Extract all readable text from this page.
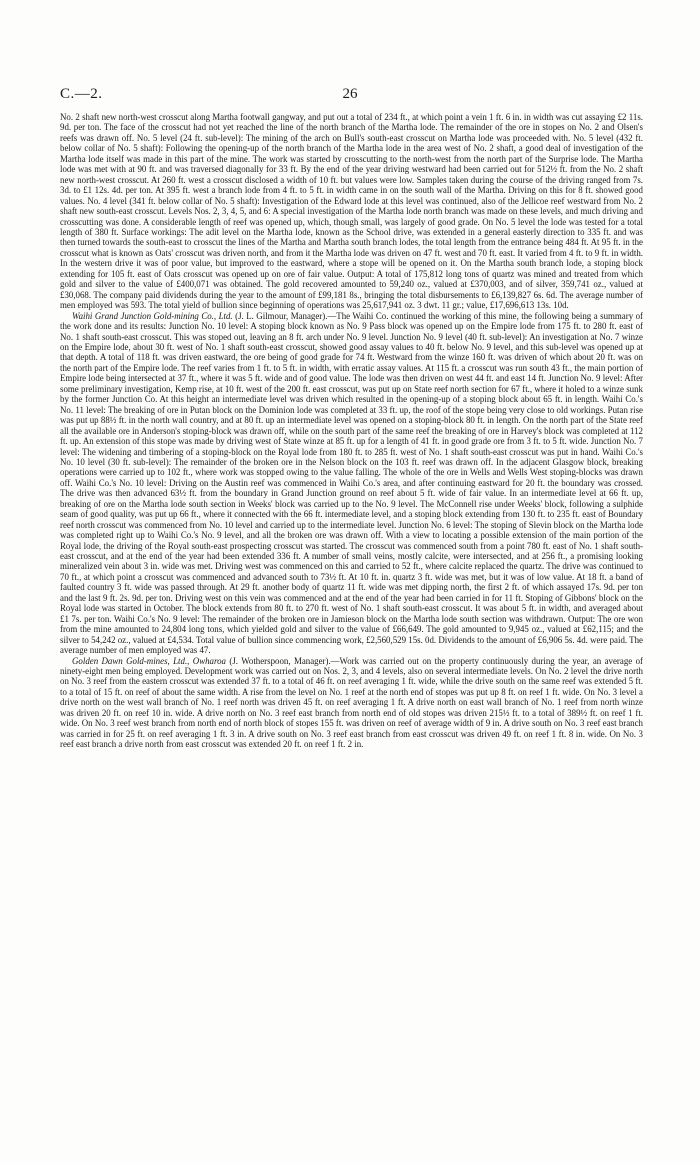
C.—2.	26

No. 2 shaft new north-west crosscut along Martha footwall gangway, and put out a total of 234 ft., at which point a vein 1 ft. 6 in. in width was cut assaying £2 11s. 9d. per ton. The face of the crosscut had not yet reached the line of the north branch of the Martha lode. The remainder of the ore in stopes on No. 2 and Olsen's reefs was drawn off. No. 5 level (24 ft. sub-level): The mining of the arch on Bull's south-east crosscut on Martha lode was proceeded with. No. 5 level (432 ft. below collar of No. 5 shaft): Following the opening-up of the north branch of the Martha lode in the area west of No. 2 shaft, a good deal of investigation of the Martha lode itself was made in this part of the mine. The work was started by crosscutting to the north-west from the north part of the Surprise lode. The Martha lode was met with at 90 ft. and was traversed diagonally for 33 ft. By the end of the year driving westward had been carried out for 512½ ft. from the No. 2 shaft new north-west crosscut. At 260 ft. west a crosscut disclosed a width of 10 ft. but values were low. Samples taken during the course of the driving ranged from 7s. 3d. to £1 12s. 4d. per ton. At 395 ft. west a branch lode from 4 ft. to 5 ft. in width came in on the south wall of the Martha. Driving on this for 8 ft. showed good values. No. 4 level (341 ft. below collar of No. 5 shaft): Investigation of the Edward lode at this level was continued, also of the Jellicoe reef westward from No. 2 shaft new south-east crosscut. Levels Nos. 2, 3, 4, 5, and 6: A special investigation of the Martha lode north branch was made on these levels, and much driving and crosscutting was done. A considerable length of reef was opened up, which, though small, was largely of good grade. On No. 5 level the lode was tested for a total length of 380 ft. Surface workings: The adit level on the Martha lode, known as the School drive, was extended in a general easterly direction to 335 ft. and was then turned towards the south-east to crosscut the lines of the Martha and Martha south branch lodes, the total length from the entrance being 484 ft. At 95 ft. in the crosscut what is known as Oats' crosscut was driven north, and from it the Martha lode was driven on 47 ft. west and 70 ft. east. It varied from 4 ft. to 9 ft. in width. In the western drive it was of poor value, but improved to the eastward, where a stope will be opened on it. On the Martha south branch lode, a stoping block extending for 105 ft. east of Oats crosscut was opened up on ore of fair value. Output: A total of 175,812 long tons of quartz was mined and treated from which gold and silver to the value of £400,071 was obtained. The gold recovered amounted to 59,240 oz., valued at £370,003, and of silver, 359,741 oz., valued at £30,068. The company paid dividends during the year to the amount of £99,181 8s., bringing the total disbursements to £6,139,827 6s. 6d. The average number of men employed was 593. The total yield of bullion since beginning of operations was 25,617,941 oz. 3 dwt. 11 gr.; value, £17,696,613 13s. 10d.

Waihi Grand Junction Gold-mining Co., Ltd. (J. L. Gilmour, Manager).—The Waihi Co. continued the working of this mine, the following being a summary of the work done and its results: Junction No. 10 level: A stoping block known as No. 9 Pass block was opened up on the Empire lode from 175 ft. to 280 ft. east of No. 1 shaft south-east crosscut. This was stoped out, leaving an 8 ft. arch under No. 9 level. Junction No. 9 level (40 ft. sub-level): An investigation at No. 7 winze on the Empire lode, about 30 ft. west of No. 1 shaft south-east crosscut, showed good assay values to 40 ft. below No. 9 level, and this sub-level was opened up at that depth. A total of 118 ft. was driven eastward, the ore being of good grade for 74 ft. Westward from the winze 160 ft. was driven of which about 20 ft. was on the north part of the Empire lode. The reef varies from 1 ft. to 5 ft. in width, with erratic assay values. At 115 ft. a crosscut was run south 43 ft., the main portion of Empire lode being intersected at 37 ft., where it was 5 ft. wide and of good value. The lode was then driven on west 44 ft. and east 14 ft. Junction No. 9 level: After some preliminary investigation, Kemp rise, at 10 ft. west of the 200 ft. east crosscut, was put up on State reef north section for 67 ft., where it holed to a winze sunk by the former Junction Co. At this height an intermediate level was driven which resulted in the opening-up of a stoping block about 65 ft. in length. Waihi Co.'s No. 11 level: The breaking of ore in Putan block on the Dominion lode was completed at 33 ft. up, the roof of the stope being very close to old workings. Putan rise was put up 88½ ft. in the north wall country, and at 80 ft. up an intermediate level was opened on a stoping-block 80 ft. in length. On the north part of the State reef all the available ore in Anderson's stoping-block was drawn off, while on the south part of the same reef the breaking of ore in Harvey's block was completed at 112 ft. up. An extension of this stope was made by driving west of State winze at 85 ft. up for a length of 41 ft. in good grade ore from 3 ft. to 5 ft. wide. Junction No. 7 level: The widening and timbering of a stoping-block on the Royal lode from 180 ft. to 285 ft. west of No. 1 shaft south-east crosscut was put in hand. Waihi Co.'s No. 10 level (30 ft. sub-level): The remainder of the broken ore in the Nelson block on the 103 ft. reef was drawn off. In the adjacent Glasgow block, breaking operations were carried up to 102 ft., where work was stopped owing to the value falling. The whole of the ore in Wells and Wells West stoping-blocks was drawn off. Waihi Co.'s No. 10 level: Driving on the Austin reef was commenced in Waihi Co.'s area, and after continuing eastward for 20 ft. the boundary was crossed. The drive was then advanced 63½ ft. from the boundary in Grand Junction ground on reef about 5 ft. wide of fair value. In an intermediate level at 66 ft. up, breaking of ore on the Martha lode south section in Weeks' block was carried up to the No. 9 level. The McConnell rise under Weeks' block, following a sulphide seam of good quality, was put up 66 ft., where it connected with the 66 ft. intermediate level, and a stoping block extending from 130 ft. to 235 ft. east of Boundary reef north crosscut was commenced from No. 10 level and carried up to the intermediate level. Junction No. 6 level: The stoping of Slevin block on the Martha lode was completed right up to Waihi Co.'s No. 9 level, and all the broken ore was drawn off. With a view to locating a possible extension of the main portion of the Royal lode, the driving of the Royal south-east prospecting crosscut was started. The crosscut was commenced south from a point 780 ft. east of No. 1 shaft south-east crosscut, and at the end of the year had been extended 336 ft. A number of small veins, mostly calcite, were intersected, and at 256 ft., a promising looking mineralized vein about 3 in. wide was met. Driving west was commenced on this and carried to 52 ft., where calcite replaced the quartz. The drive was continued to 70 ft., at which point a crosscut was commenced and advanced south to 73½ ft. At 10 ft. in. quartz 3 ft. wide was met, but it was of low value. At 18 ft. a band of faulted country 3 ft. wide was passed through. At 29 ft. another body of quartz 11 ft. wide was met dipping north, the first 2 ft. of which assayed 17s. 9d. per ton and the last 9 ft. 2s. 9d. per ton. Driving west on this vein was commenced and at the end of the year had been carried in for 11 ft. Stoping of Gibbons' block on the Royal lode was started in October. The block extends from 80 ft. to 270 ft. west of No. 1 shaft south-east crosscut. It was about 5 ft. in width, and averaged about £1 7s. per ton. Waihi Co.'s No. 9 level: The remainder of the broken ore in Jamieson block on the Martha lode south section was withdrawn. Output: The ore won from the mine amounted to 24,804 long tons, which yielded gold and silver to the value of £66,649. The gold amounted to 9,945 oz., valued at £62,115; and the silver to 54,242 oz., valued at £4,534. Total value of bullion since commencing work, £2,560,529 15s. 0d. Dividends to the amount of £6,906 5s. 4d. were paid. The average number of men employed was 47.

Golden Dawn Gold-mines, Ltd., Owharoa (J. Wotherspoon, Manager).—Work was carried out on the property continuously during the year, an average of ninety-eight men being employed. Development work was carried out on Nos. 2, 3, and 4 levels, also on several intermediate levels. On No. 2 level the drive north on No. 3 reef from the eastern crosscut was extended 37 ft. to a total of 46 ft. on reef averaging 1 ft. wide, while the drive south on the same reef was extended 5 ft. to a total of 15 ft. on reef of about the same width. A rise from the level on No. 1 reef at the north end of stopes was put up 8 ft. on reef 1 ft. wide. On No. 3 level a drive north on the west wall branch of No. 1 reef north was driven 45 ft. on reef averaging 1 ft. A drive north on east wall branch of No. 1 reef from north winze was driven 20 ft. on reef 10 in. wide. A drive north on No. 3 reef east branch from north end of old stopes was driven 215½ ft. to a total of 389½ ft. on reef 1 ft. wide. On No. 3 reef west branch from north end of north block of stopes 155 ft. was driven on reef of average width of 9 in. A drive south on No. 3 reef east branch was carried in for 25 ft. on reef averaging 1 ft. 3 in. A drive south on No. 3 reef east branch from east crosscut was driven 49 ft. on reef 1 ft. 8 in. wide. On No. 3 reef east branch a drive north from east crosscut was extended 20 ft. on reef 1 ft. 2 in.
